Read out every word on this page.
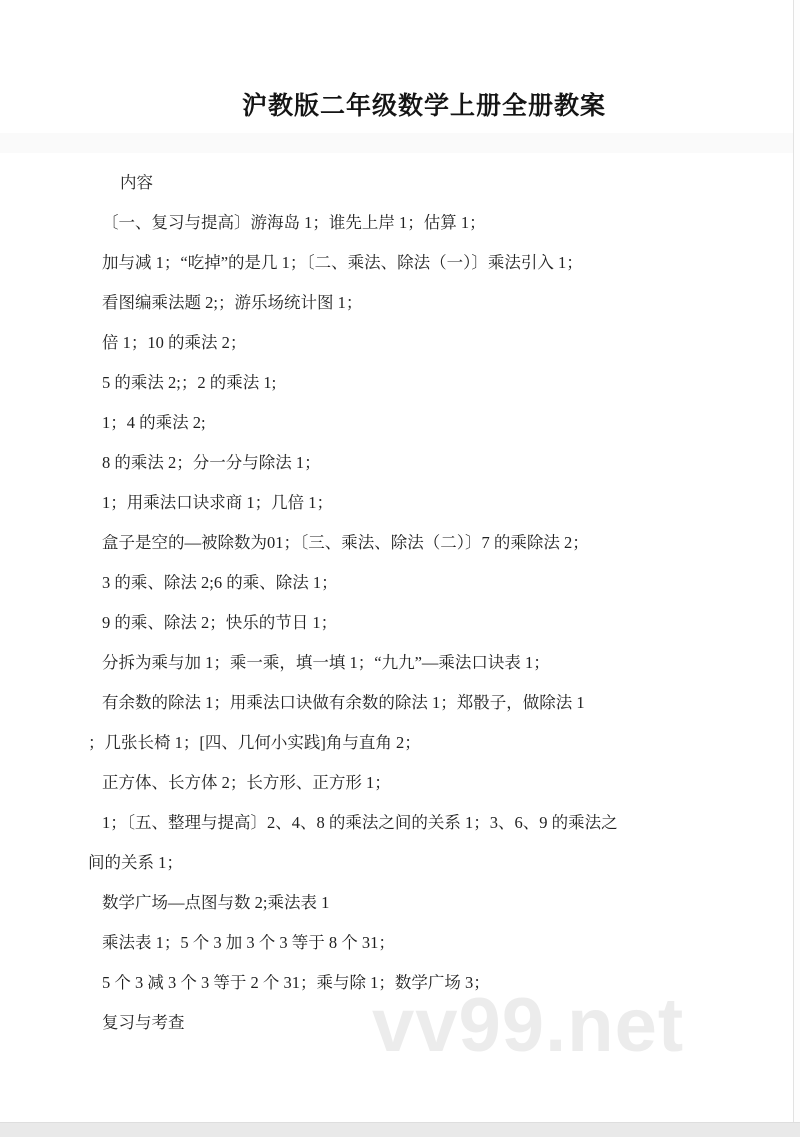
沪教版二年级数学上册全册教案
内容
〔一、复习与提高〕游海岛 1；谁先上岸 1；估算 1；
加与减 1；“吃掉”的是几 1；〔二、乘法、除法（一）〕乘法引入 1；
看图编乘法题 2;；游乐场统计图 1；
倍 1；10 的乘法 2；
5 的乘法 2;；2 的乘法 1;
1；4 的乘法 2;
8 的乘法 2；分一分与除法 1；
1；用乘法口诀求商 1；几倍 1；
盒子是空的—被除数为01；〔三、乘法、除法（二）〕7 的乘除法 2；
3 的乘、除法 2;6 的乘、除法 1；
9 的乘、除法 2；快乐的节日 1；
分拆为乘与加 1；乘一乘，填一填 1；“九九”—乘法口诀表 1；
有余数的除法 1；用乘法口诀做有余数的除法 1；郑骰子，做除法 1
；几张长椅 1；[四、几何小实践]角与直角 2；
正方体、长方体 2；长方形、正方形 1；
1；〔五、整理与提高〕2、4、8 的乘法之间的关系 1；3、6、9 的乘法之
间的关系 1；
数学广场—点图与数 2;乘法表 1
乘法表 1；5 个 3 加 3 个 3 等于 8 个 31；
5 个 3 减 3 个 3 等于 2 个 31；乘与除 1；数学广场 3；
复习与考查	vv99.net
